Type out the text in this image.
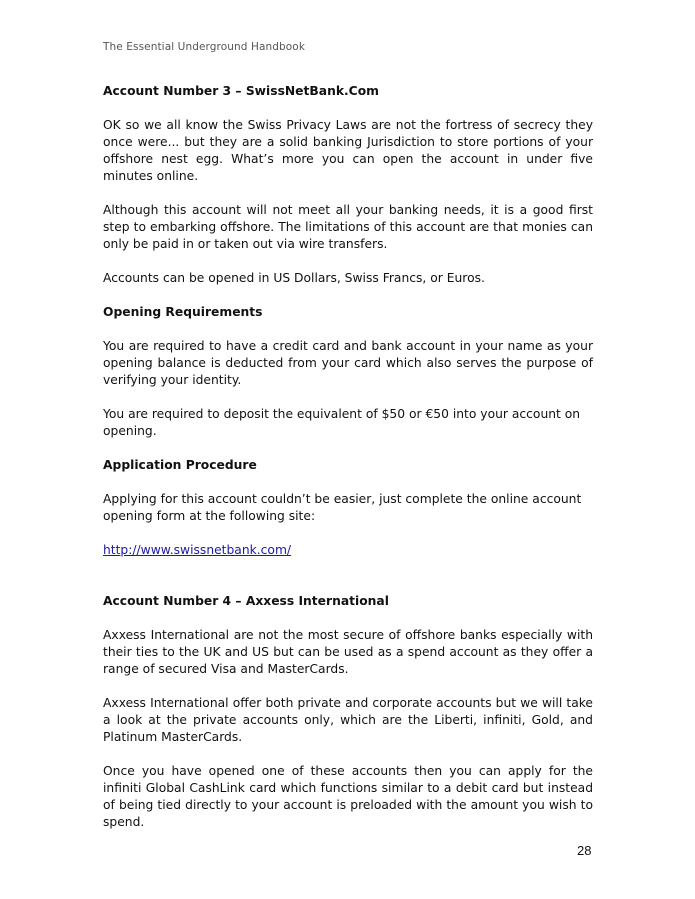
The Essential Underground Handbook
Account Number 3 – SwissNetBank.Com

OK so we all know the Swiss Privacy Laws are not the fortress of secrecy they once were... but they are a solid banking Jurisdiction to store portions of your offshore nest egg. What’s more you can open the account in under five minutes online.

Although this account will not meet all your banking needs, it is a good first step to embarking offshore. The limitations of this account are that monies can only be paid in or taken out via wire transfers.

Accounts can be opened in US Dollars, Swiss Francs, or Euros.

Opening Requirements

You are required to have a credit card and bank account in your name as your opening balance is deducted from your card which also serves the purpose of verifying your identity.

You are required to deposit the equivalent of $50 or €50 into your account on opening.

Application Procedure

Applying for this account couldn’t be easier, just complete the online account opening form at the following site:

http://www.swissnetbank.com/

Account Number 4 – Axxess International

Axxess International are not the most secure of offshore banks especially with their ties to the UK and US but can be used as a spend account as they offer a range of secured Visa and MasterCards.

Axxess International offer both private and corporate accounts but we will take a look at the private accounts only, which are the Liberti, infiniti, Gold, and Platinum MasterCards.

Once you have opened one of these accounts then you can apply for the infiniti Global CashLink card which functions similar to a debit card but instead of being tied directly to your account is preloaded with the amount you wish to spend.

28
